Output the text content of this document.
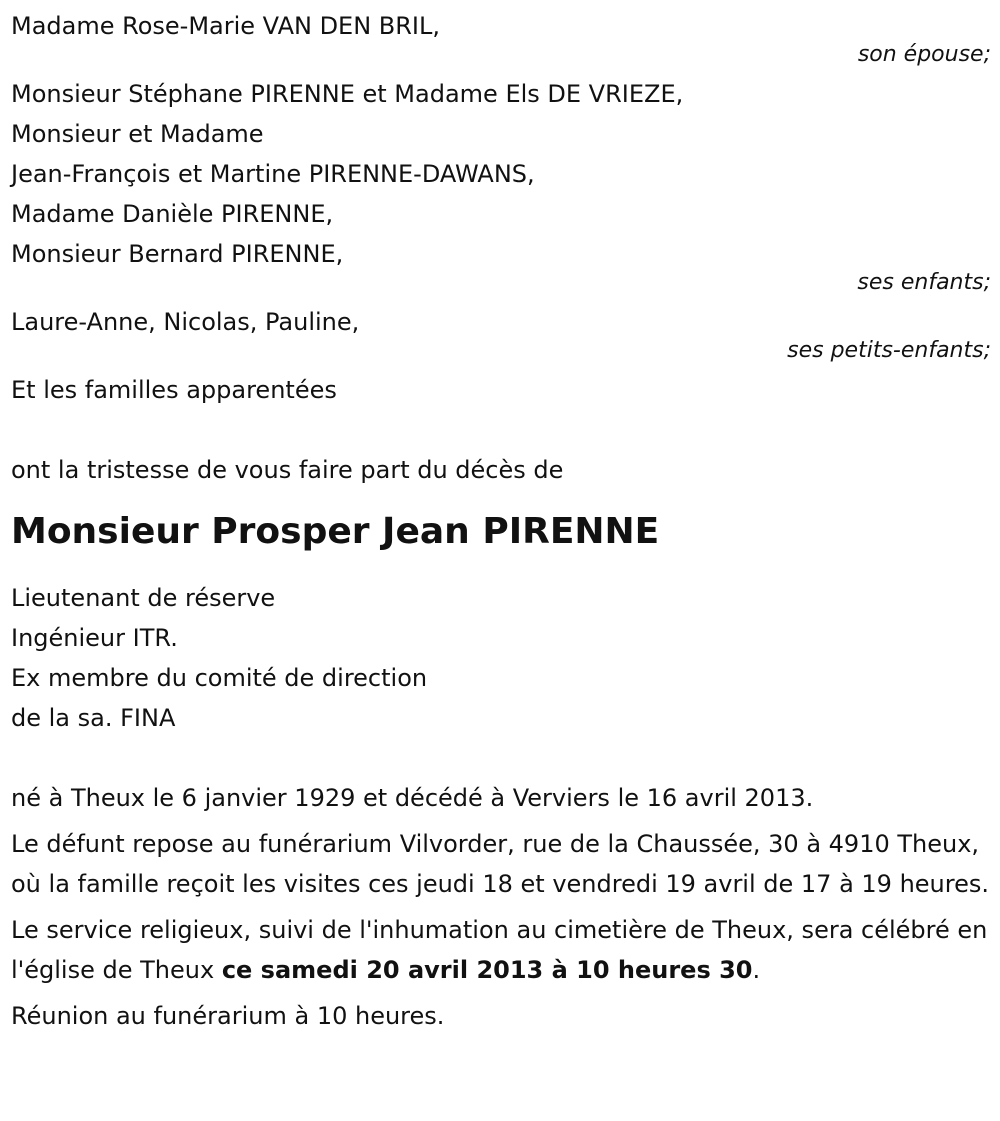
Madame Rose-Marie VAN DEN BRIL,
son épouse;
Monsieur Stéphane PIRENNE et Madame Els DE VRIEZE,
Monsieur et Madame
Jean-François et Martine PIRENNE-DAWANS,
Madame Danièle PIRENNE,
Monsieur Bernard PIRENNE,
ses enfants;
Laure-Anne, Nicolas, Pauline,
ses petits-enfants;
Et les familles apparentées
ont la tristesse de vous faire part du décès de
Monsieur Prosper Jean PIRENNE
Lieutenant de réserve
Ingénieur ITR.
Ex membre du comité de direction
de la sa. FINA
né à Theux le 6 janvier 1929 et décédé à Verviers le 16 avril 2013.
Le défunt repose au funérarium Vilvorder, rue de la Chaussée, 30 à 4910 Theux, où la famille reçoit les visites ces jeudi 18 et vendredi 19 avril de 17 à 19 heures.
Le service religieux, suivi de l'inhumation au cimetière de Theux, sera célébré en l'église de Theux ce samedi 20 avril 2013 à 10 heures 30.
Réunion au funérarium à 10 heures.
